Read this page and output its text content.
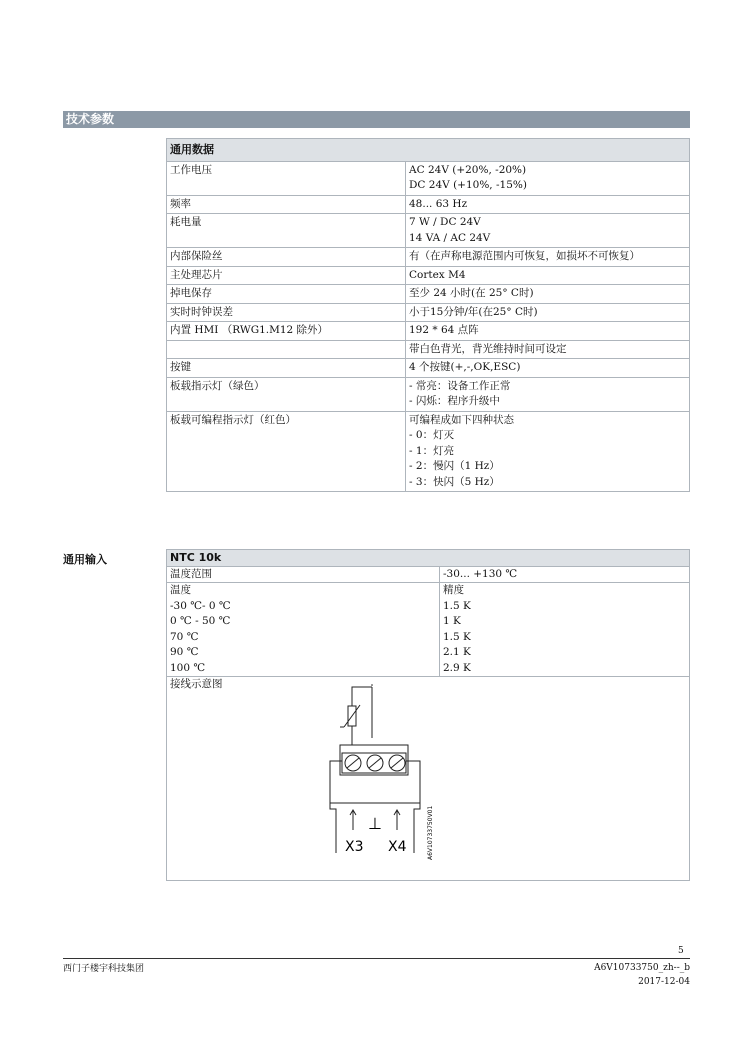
技术参数
通用数据	
工作电压	AC 24V (+20%, -20%)
DC 24V (+10%, -15%)

频率	48... 63 Hz
耗电量	7 W / DC 24V
14 VA / AC 24V

内部保险丝	有（在声称电源范围内可恢复，如损坏不可恢复）
主处理芯片	Cortex M4
掉电保存	至少 24 小时(在 25° C时)
实时时钟误差	小于15分钟/年(在25° C时)
内置 HMI （RWG1.M12 除外）	192 * 64 点阵
	带白色背光，背光维持时间可设定
按键	4 个按键(+,-,OK,ESC)
板载指示灯（绿色）	- 常亮：设备工作正常
- 闪烁：程序升级中

板载可编程指示灯（红色）	可编程成如下四种状态
- 0：灯灭
- 1：灯亮
- 2：慢闪（1 Hz）
- 3：快闪（5 Hz）
通用输入	NTC 10k	
温度范围	-30... +130 ℃
温度	精度
-30 ℃- 0 ℃	1.5 K
0 ℃ - 50 ℃	1 K
70 ℃	1.5 K
90 ℃	2.1 K
100 ℃	2.9 K
接线示意图	
⊥
X3 X4	A6V10733750V01
5
西门子楼宇科技集团	A6V10733750_zh--_b
2017-12-04
